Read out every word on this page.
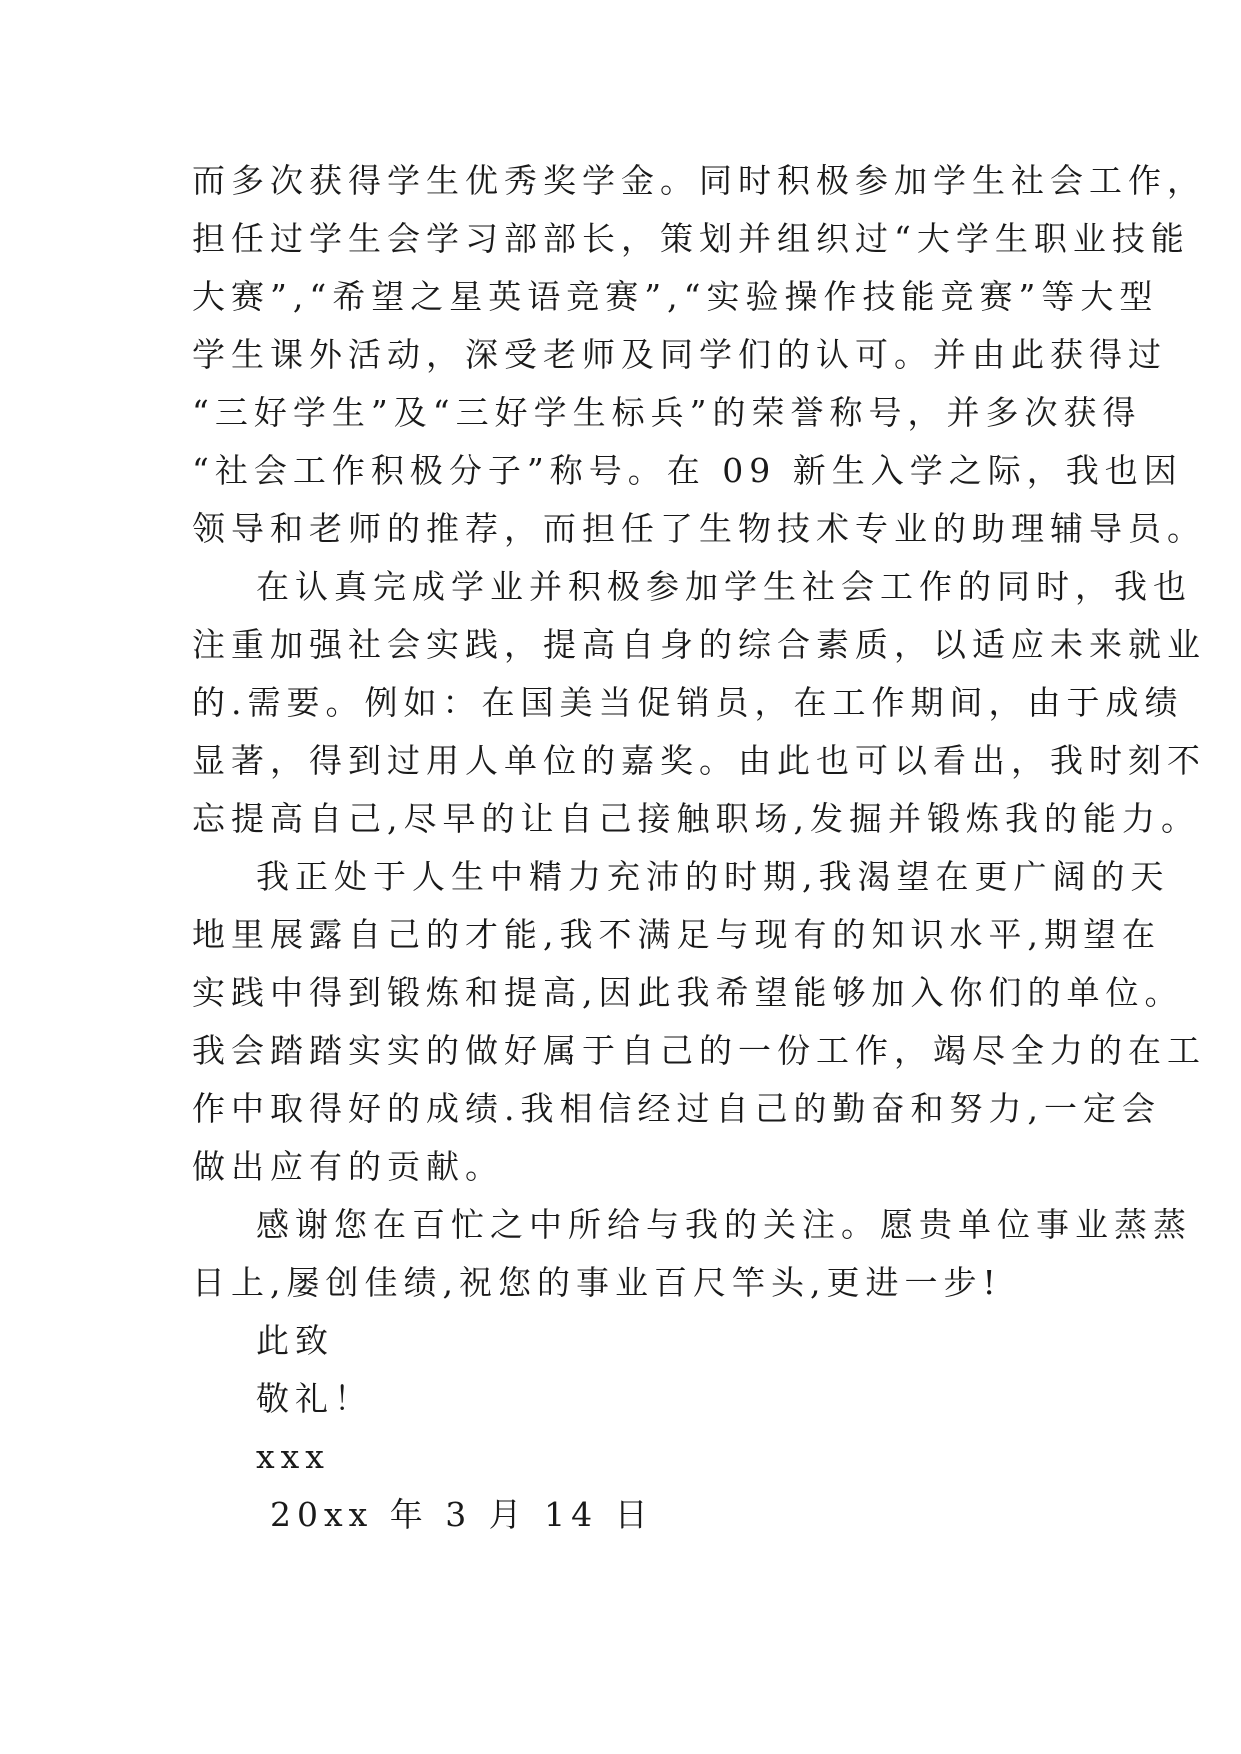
而多次获得学生优秀奖学金。同时积极参加学生社会工作，
担任过学生会学习部部长，策划并组织过“大学生职业技能
大赛”,“希望之星英语竞赛”,“实验操作技能竞赛”等大型
学生课外活动，深受老师及同学们的认可。并由此获得过
“三好学生”及“三好学生标兵”的荣誉称号，并多次获得
“社会工作积极分子”称号。在 09 新生入学之际，我也因
领导和老师的推荐，而担任了生物技术专业的助理辅导员。
在认真完成学业并积极参加学生社会工作的同时，我也
注重加强社会实践，提高自身的综合素质，以适应未来就业
的.需要。例如：在国美当促销员，在工作期间，由于成绩
显著，得到过用人单位的嘉奖。由此也可以看出，我时刻不
忘提高自己,尽早的让自己接触职场,发掘并锻炼我的能力。
我正处于人生中精力充沛的时期,我渴望在更广阔的天
地里展露自己的才能,我不满足与现有的知识水平,期望在
实践中得到锻炼和提高,因此我希望能够加入你们的单位。
我会踏踏实实的做好属于自己的一份工作，竭尽全力的在工
作中取得好的成绩.我相信经过自己的勤奋和努力,一定会
做出应有的贡献。
感谢您在百忙之中所给与我的关注。愿贵单位事业蒸蒸
日上,屡创佳绩,祝您的事业百尺竿头,更进一步!
此致
敬礼！
xxx
20xx 年 3 月 14 日
